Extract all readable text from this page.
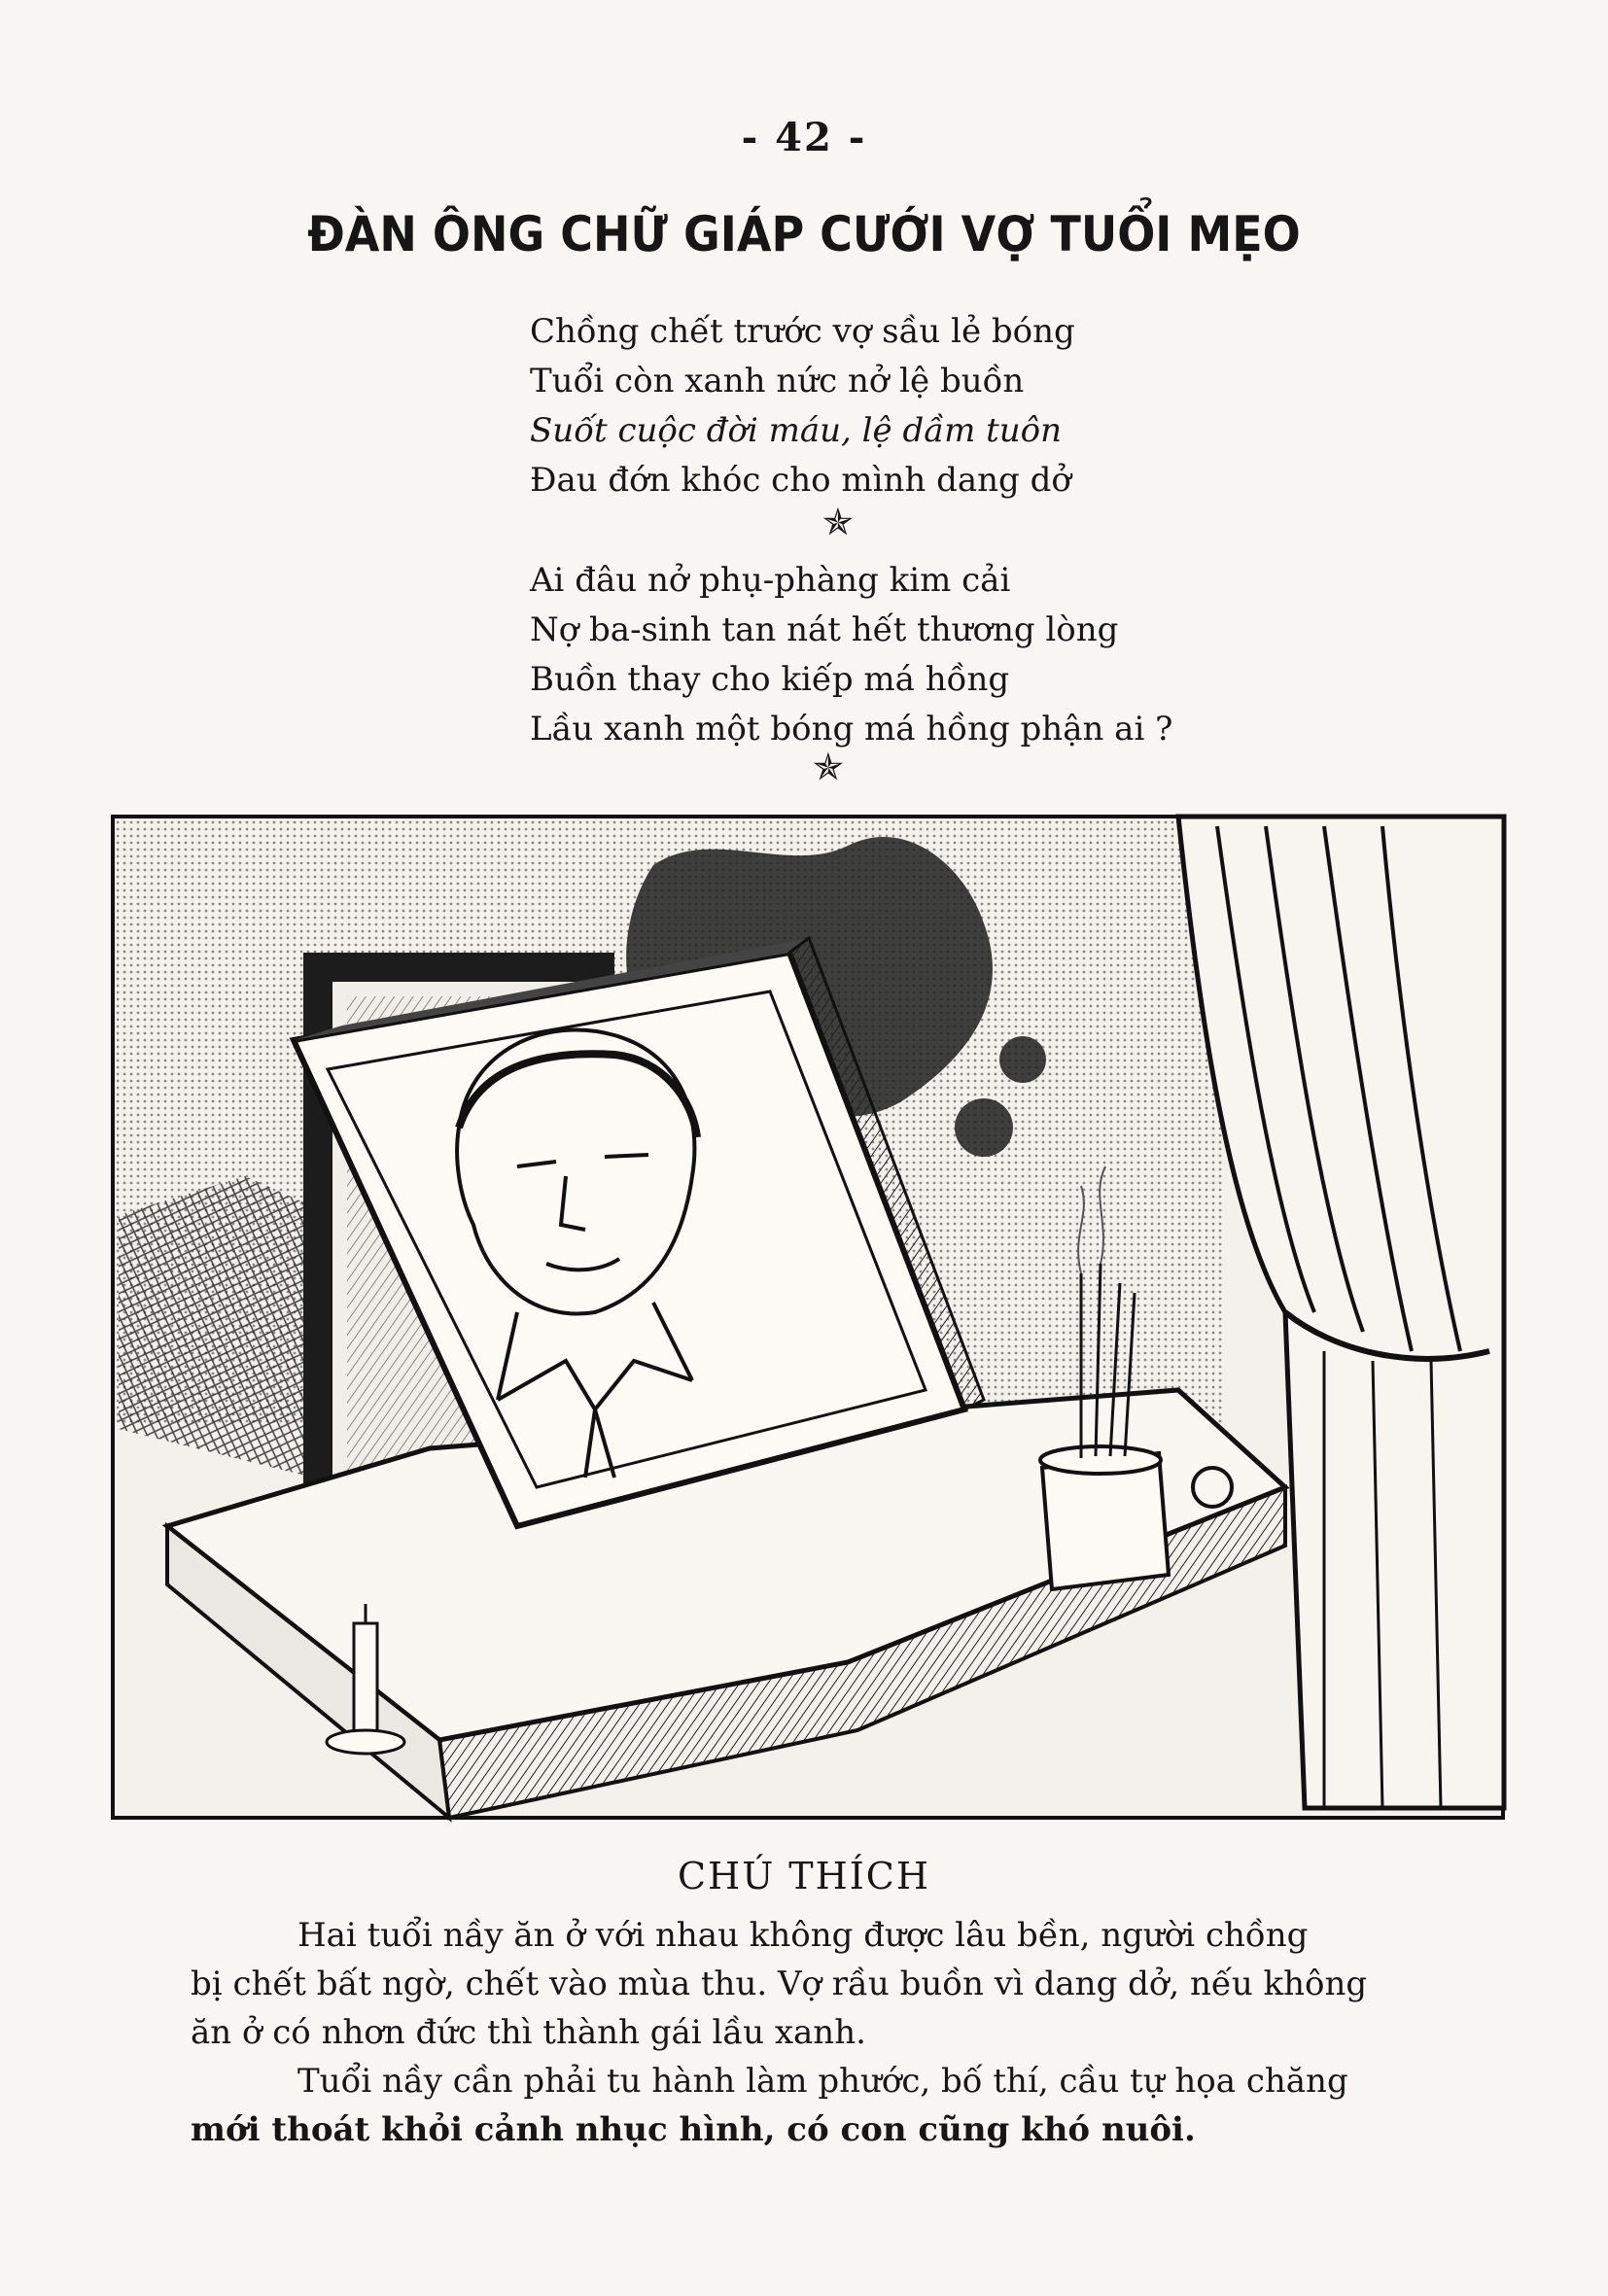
- 42 -
ĐÀN ÔNG CHỮ GIÁP CƯỚI VỢ TUỔI MẸO
Chồng chết trước vợ sầu lẻ bóng
Tuổi còn xanh nức nở lệ buồn
Suốt cuộc đời máu, lệ dầm tuôn
Đau đớn khóc cho mình dang dở
✯
Ai đâu nở phụ-phàng kim cải
Nợ ba-sinh tan nát hết thương lòng
Buồn thay cho kiếp má hồng
Lầu xanh một bóng má hồng phận ai ?
✯
CHÚ THÍCH
Hai tuổi nầy ăn ở với nhau không được lâu bền, người chồng
bị chết bất ngờ, chết vào mùa thu. Vợ rầu buồn vì dang dở, nếu không
ăn ở có nhơn đức thì thành gái lầu xanh.
Tuổi nầy cần phải tu hành làm phước, bố thí, cầu tự họa chăng
mới thoát khỏi cảnh nhục hình, có con cũng khó nuôi.
